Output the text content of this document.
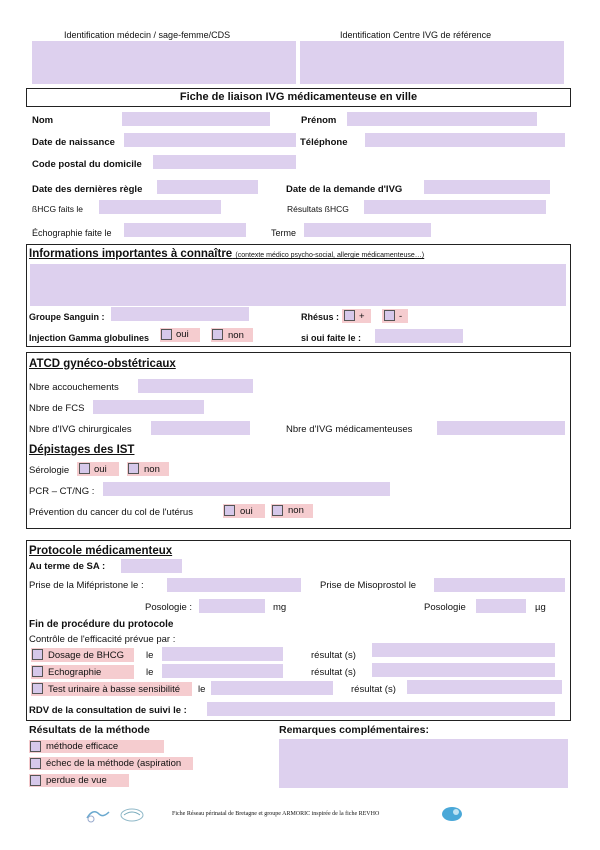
Identification médecin / sage-femme/CDS	Identification Centre IVG de référence
Fiche de liaison IVG médicamenteuse en ville
Nom	Prénom
Date de naissance	Téléphone
Code postal du domicile
Date des dernières règle	Date de la demande d'IVG
ßHCG faits le	Résultats ßHCG
Échographie faite le	Terme
Informations importantes à connaître (contexte médico psycho-social, allergie médicamenteuse…)
Groupe Sanguin :	Rhésus : +	-
Injection Gamma globulines	oui	non	si oui faite le :
ATCD gynéco-obstétricaux
Nbre accouchements
Nbre de FCS
Nbre d'IVG chirurgicales	Nbre d'IVG médicamenteuses
Dépistages des IST
Sérologie	oui	non
PCR – CT/NG :
Prévention du cancer du col de l'utérus	oui	non
Protocole médicamenteux
Au terme de SA :
Prise de la Mifépristone le :	Prise de Misoprostol le
Posologie :	mg	Posologie	µg
Fin de procédure du protocole
Contrôle de l'efficacité prévue par :
Dosage de BHCG le	résultat (s)
Echographie	le	résultat (s)
Test urinaire à basse sensibilité le	résultat (s)
RDV de la consultation de suivi le :
Résultats de la méthode	Remarques complémentaires:
méthode efficace
échec de la méthode (aspiration
perdue de vue
Fiche Réseau périnatal de Bretagne et groupe ARMORIC inspirée de la fiche REVHO
